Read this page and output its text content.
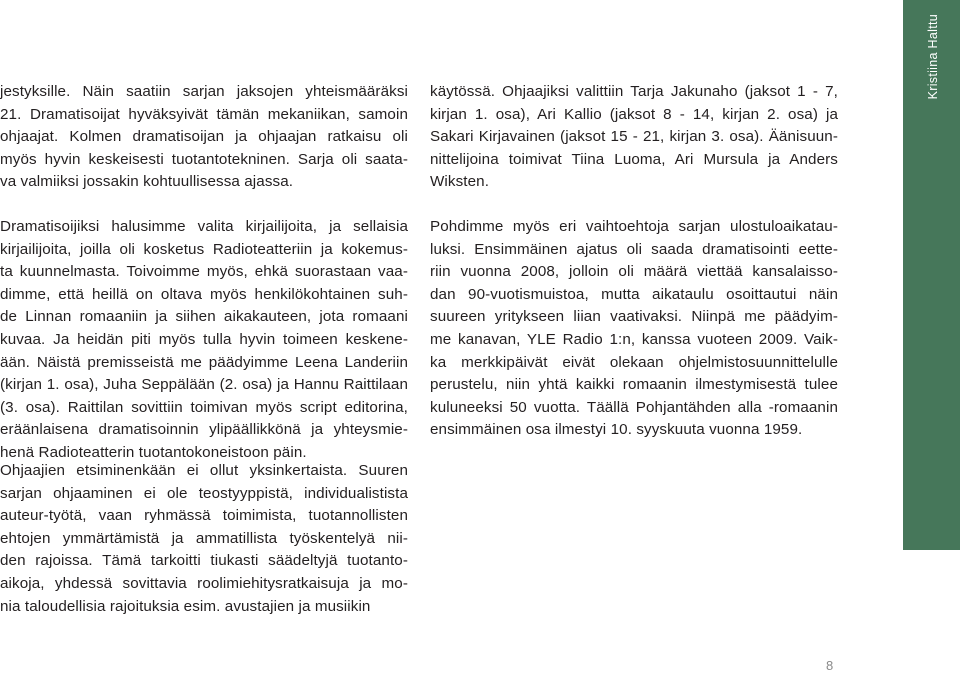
jestyksille. Näin saatiin sarjan jaksojen yhteismääräksi
21. Dramatisoijat hyväksyivät tämän mekaniikan, samoin
ohjaajat. Kolmen dramatisoijan ja ohjaajan ratkaisu oli
myös hyvin keskeisesti tuotantotekninen. Sarja oli saata-
va valmiiksi jossakin kohtuullisessa ajassa.

Dramatisoijiksi halusimme valita kirjailijoita, ja sellaisia
kirjailijoita, joilla oli kosketus Radioteatteriin ja kokemus-
ta kuunnelmasta. Toivoimme myös, ehkä suorastaan vaa-
dimme, että heillä on oltava myös henkilökohtainen suh-
de Linnan romaaniin ja siihen aikakauteen, jota romaani
kuvaa. Ja heidän piti myös tulla hyvin toimeen keskene-
ään. Näistä premisseistä me päädyimme Leena Landeriin
(kirjan 1. osa), Juha Seppälään (2. osa) ja Hannu Raittilaan
(3. osa). Raittilan sovittiin toimivan myös script editorina,
eräänlaisena dramatisoinnin ylipäällikkönä ja yhteysmie-
henä Radioteatterin tuotantokoneistoon päin.

Ohjaajien etsiminenkään ei ollut yksinkertaista. Suuren
sarjan ohjaaminen ei ole teostyyppistä, individualistista
auteur-työtä, vaan ryhmässä toimimista, tuotannollisten
ehtojen ymmärtämistä ja ammatillista työskentelyä nii-
den rajoissa. Tämä tarkoitti tiukasti säädeltyjä tuotanto-
aikoja, yhdessä sovittavia roolimiehitysratkaisuja ja mo-
nia taloudellisia rajoituksia esim. avustajien ja musiikin

käytössä. Ohjaajiksi valittiin Tarja Jakunaho (jaksot 1 - 7,
kirjan 1. osa), Ari Kallio (jaksot 8 - 14, kirjan 2. osa) ja
Sakari Kirjavainen (jaksot 15 - 21, kirjan 3. osa). Äänisuun-
nittelijoina toimivat Tiina Luoma, Ari Mursula ja Anders
Wiksten.

Pohdimme myös eri vaihtoehtoja sarjan ulostuloaikatau-
luksi. Ensimmäinen ajatus oli saada dramatisointi eette-
riin vuonna 2008, jolloin oli määrä viettää kansalaisso-
dan 90-vuotismuistoa, mutta aikataulu osoittautui näin
suureen yritykseen liian vaativaksi. Niinpä me päädyim-
me kanavan, YLE Radio 1:n, kanssa vuoteen 2009. Vaik-
ka merkkipäivät eivät olekaan ohjelmistosuunnittelulle
perustelu, niin yhtä kaikki romaanin ilmestymisestä tulee
kuluneeksi 50 vuotta. Täällä Pohjantähden alla -romaanin
ensimmäinen osa ilmestyi 10. syyskuuta vuonna 1959.

Kristiina Halttu
8
